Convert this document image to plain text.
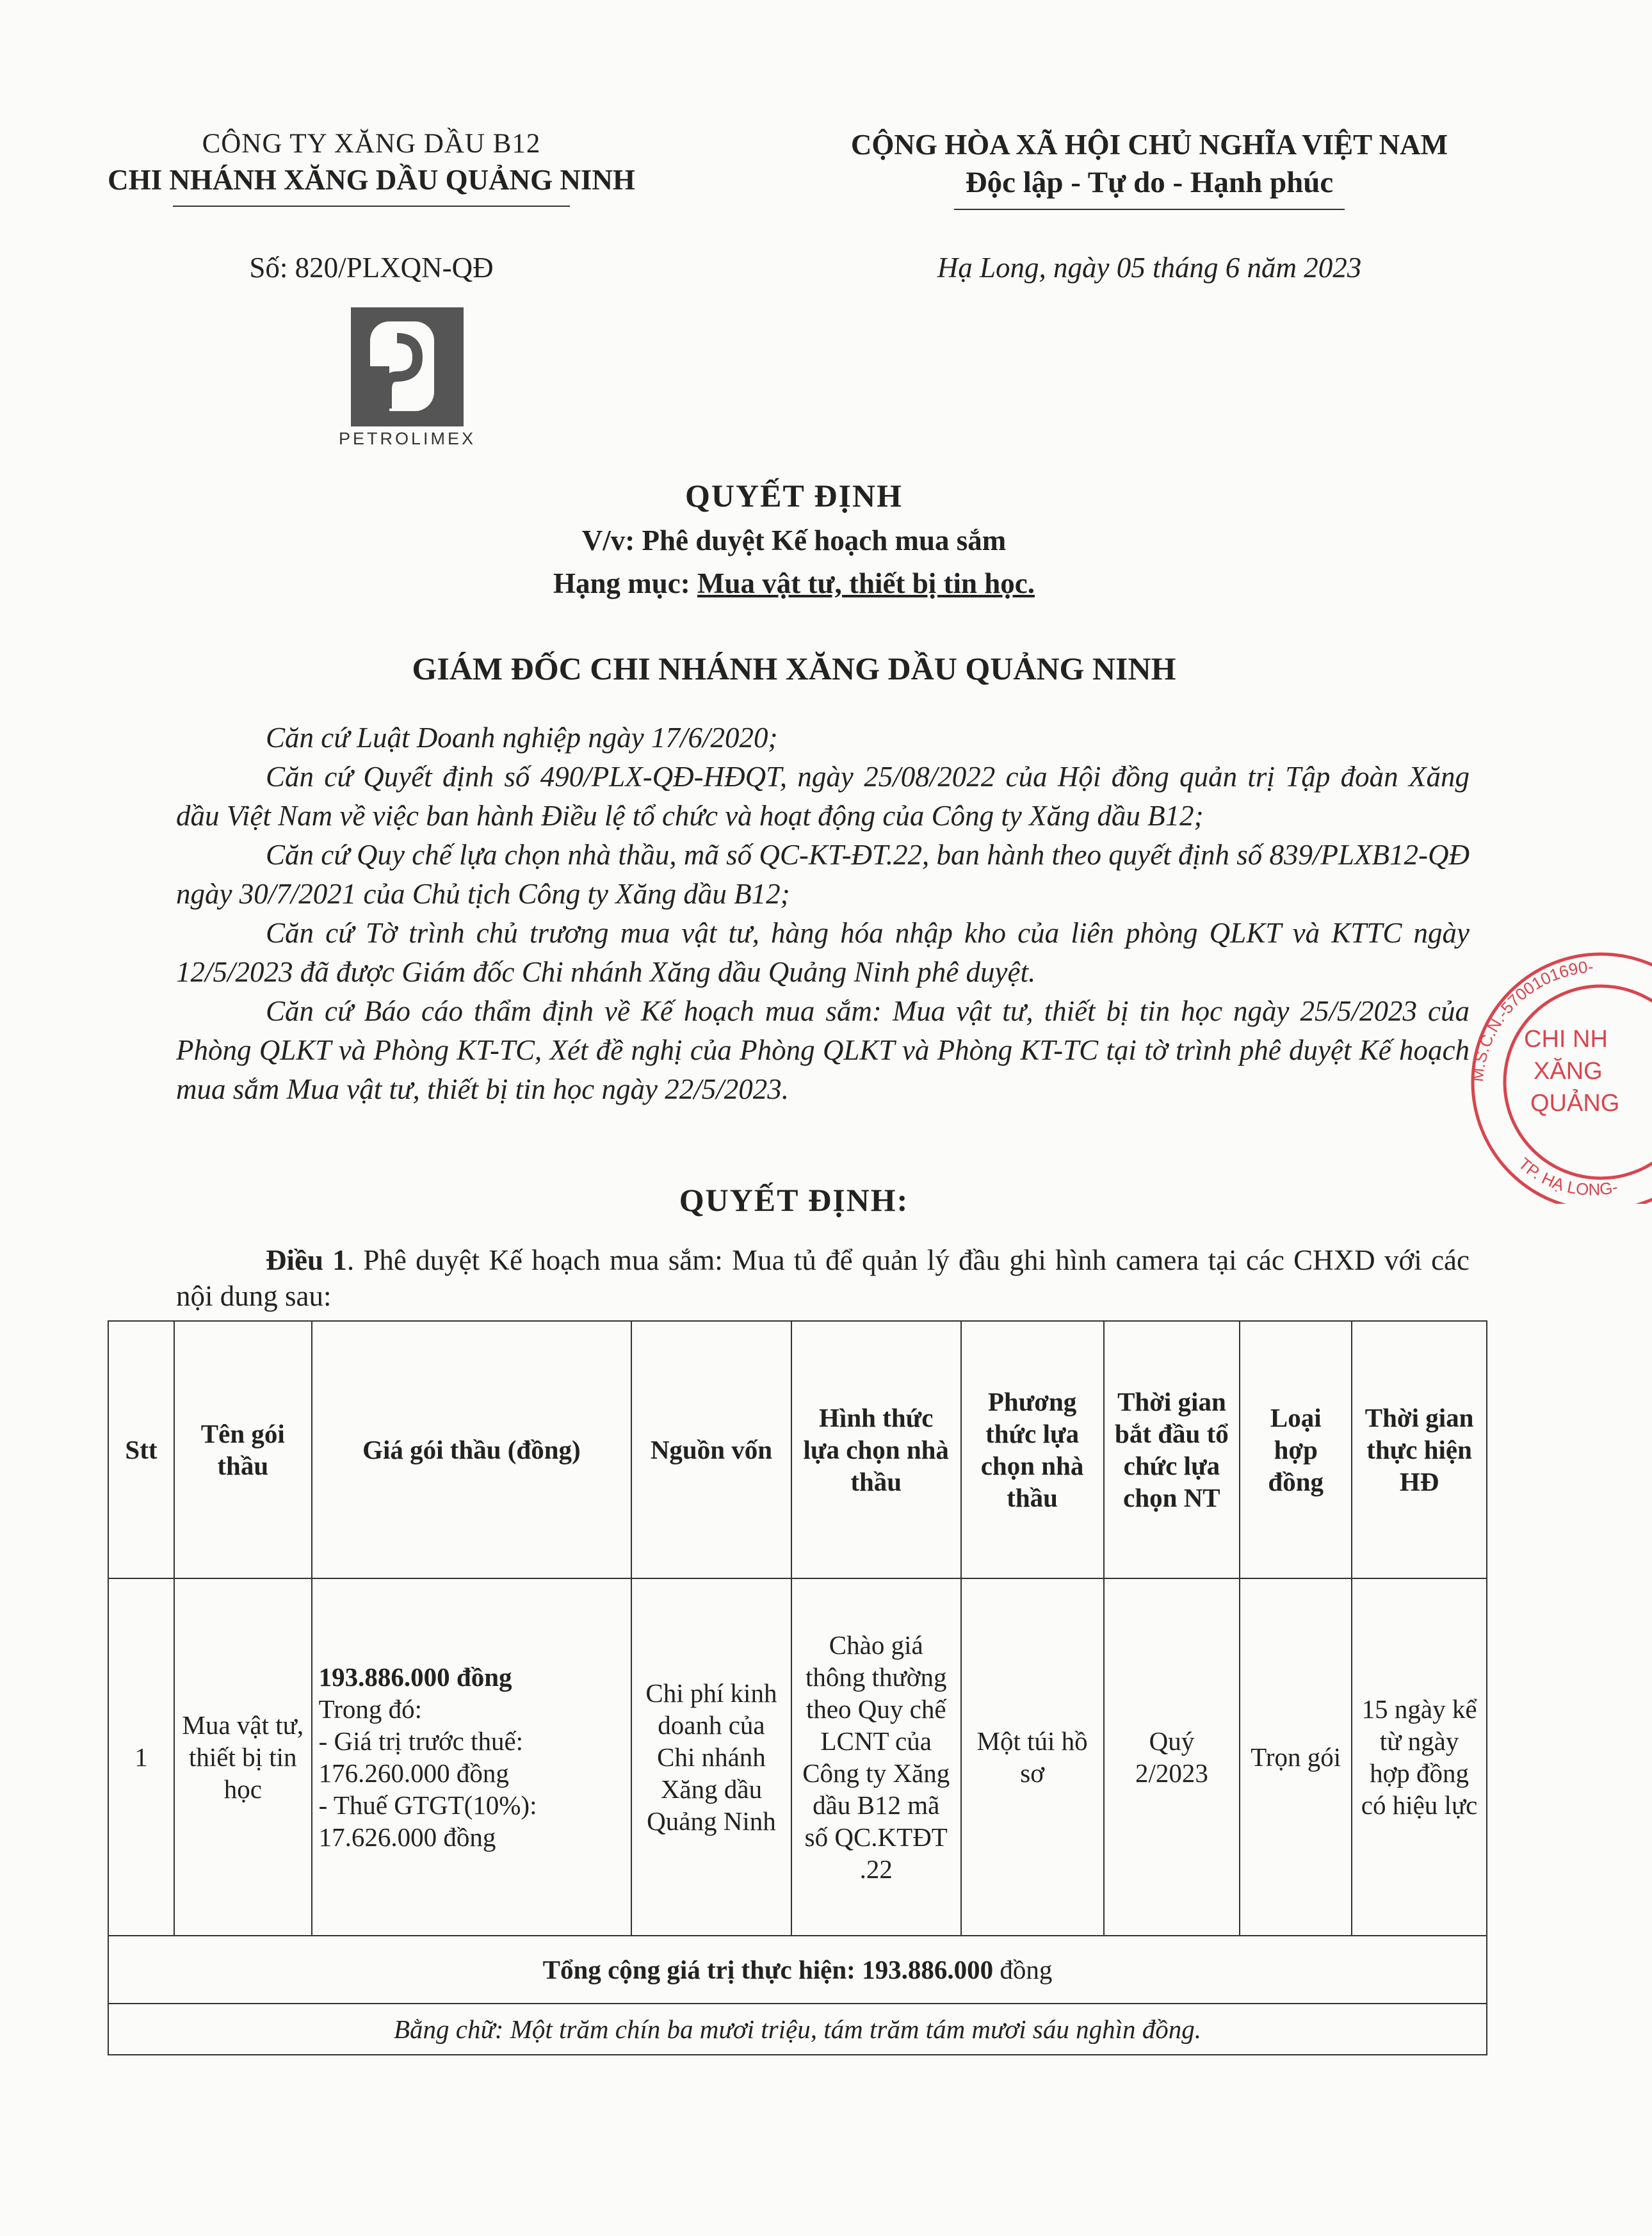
CÔNG TY XĂNG DẦU B12
CHI NHÁNH XĂNG DẦU QUẢNG NINH
CỘNG HÒA XÃ HỘI CHỦ NGHĨA VIỆT NAM
Độc lập - Tự do - Hạnh phúc
Số: 820/PLXQN-QĐ	Hạ Long, ngày 05 tháng 6 năm 2023
PETROLIMEX
QUYẾT ĐỊNH
V/v: Phê duyệt Kế hoạch mua sắm
Hạng mục: Mua vật tư, thiết bị tin học.
GIÁM ĐỐC CHI NHÁNH XĂNG DẦU QUẢNG NINH

Căn cứ Luật Doanh nghiệp ngày 17/6/2020;

Căn cứ Quyết định số 490/PLX-QĐ-HĐQT, ngày 25/08/2022 của Hội đồng quản trị Tập đoàn Xăng dầu Việt Nam về việc ban hành Điều lệ tổ chức và hoạt động của Công ty Xăng dầu B12;

Căn cứ Quy chế lựa chọn nhà thầu, mã số QC-KT-ĐT.22, ban hành theo quyết định số 839/PLXB12-QĐ ngày 30/7/2021 của Chủ tịch Công ty Xăng dầu B12;

Căn cứ Tờ trình chủ trương mua vật tư, hàng hóa nhập kho của liên phòng QLKT và KTTC ngày 12/5/2023 đã được Giám đốc Chi nhánh Xăng dầu Quảng Ninh phê duyệt.

Căn cứ Báo cáo thẩm định về Kế hoạch mua sắm: Mua vật tư, thiết bị tin học ngày 25/5/2023 của Phòng QLKT và Phòng KT-TC, Xét đề nghị của Phòng QLKT và Phòng KT-TC tại tờ trình phê duyệt Kế hoạch mua sắm Mua vật tư, thiết bị tin học ngày 22/5/2023.

QUYẾT ĐỊNH:

Điều 1. Phê duyệt Kế hoạch mua sắm: Mua tủ để quản lý đầu ghi hình camera tại các CHXD với các nội dung sau:

Stt	Tên gói thầu	Giá gói thầu (đồng)	Nguồn vốn	Hình thức lựa chọn nhà thầu	Phương thức lựa chọn nhà thầu	Thời gian bắt đầu tổ chức lựa chọn NT	Loại hợp đồng	Thời gian thực hiện HĐ
1	Mua vật tư, thiết bị tin học	193.886.000 đồng
Trong đó:
- Giá trị trước thuế: 176.260.000 đồng
- Thuế GTGT(10%): 17.626.000 đồng	Chi phí kinh doanh của Chi nhánh Xăng dầu Quảng Ninh	Chào giá thông thường theo Quy chế LCNT của Công ty Xăng dầu B12 mã số QC.KTĐT .22	Một túi hồ sơ	Quý 2/2023	Trọn gói	15 ngày kể từ ngày hợp đồng có hiệu lực
Tổng cộng giá trị thực hiện: 193.886.000 đồng								
Bằng chữ: Một trăm chín ba mươi triệu, tám trăm tám mươi sáu nghìn đồng.								
M.S.C.N.-5700101690-
TP. HẠ LONG-
CHI NH
XĂNG
QUẢNG
